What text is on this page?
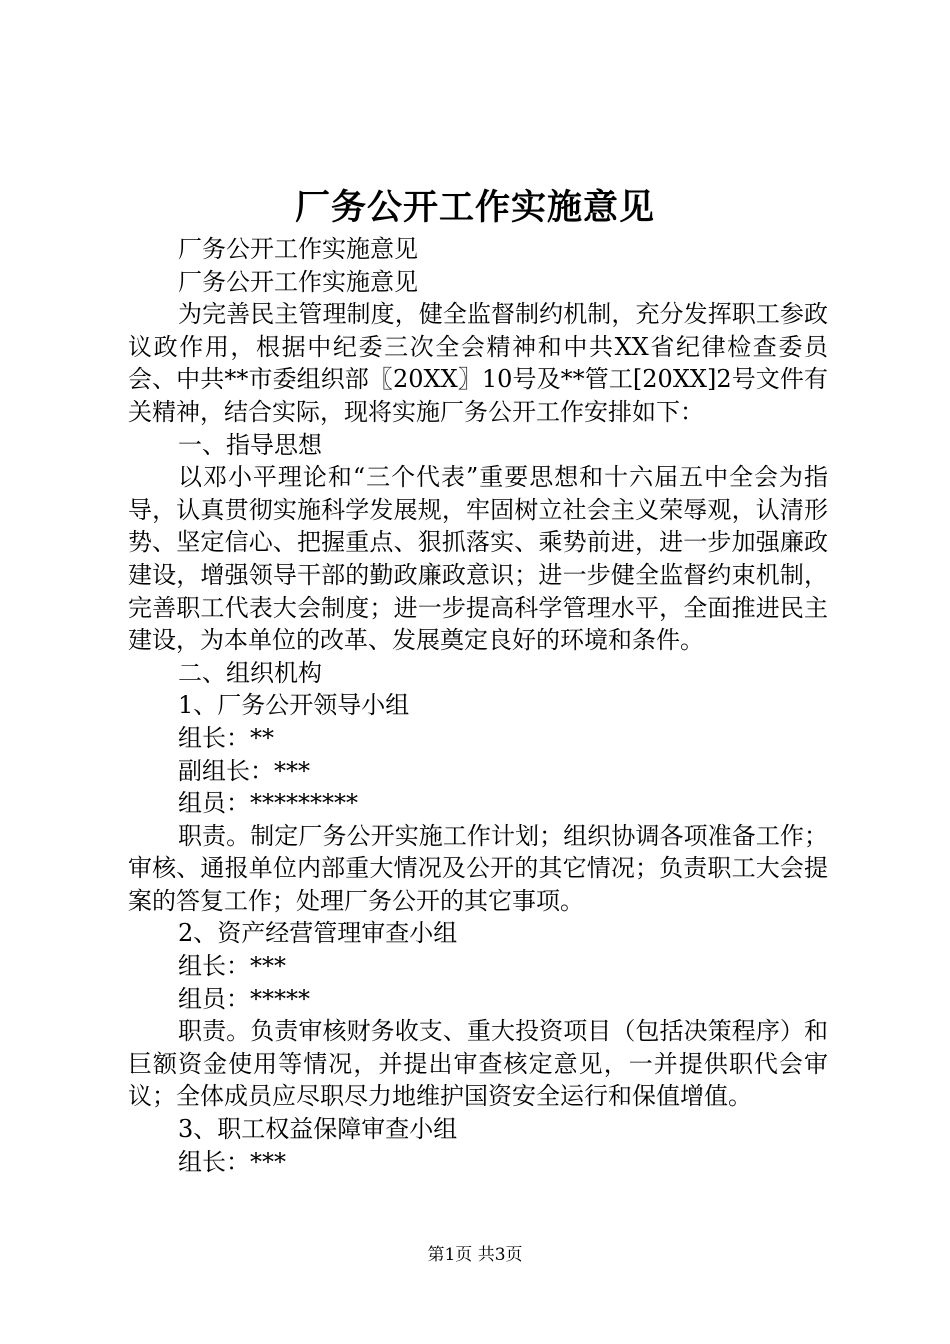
厂务公开工作实施意见

厂务公开工作实施意见

厂务公开工作实施意见

为完善民主管理制度，健全监督制约机制，充分发挥职工参政议政作用，根据中纪委三次全会精神和中共XX省纪律检查委员会、中共**市委组织部〖20XX〗10号及**管工[20XX]2号文件有关精神，结合实际，现将实施厂务公开工作安排如下：

一、指导思想

以邓小平理论和“三个代表”重要思想和十六届五中全会为指导，认真贯彻实施科学发展规，牢固树立社会主义荣辱观，认清形势、坚定信心、把握重点、狠抓落实、乘势前进，进一步加强廉政建设，增强领导干部的勤政廉政意识；进一步健全监督约束机制，完善职工代表大会制度；进一步提高科学管理水平，全面推进民主建设，为本单位的改革、发展奠定良好的环境和条件。

二、组织机构

1、厂务公开领导小组

组长：**

副组长：***

组员：*********

职责。制定厂务公开实施工作计划；组织协调各项准备工作；审核、通报单位内部重大情况及公开的其它情况；负责职工大会提案的答复工作；处理厂务公开的其它事项。

2、资产经营管理审查小组

组长：***

组员：*****

职责。负责审核财务收支、重大投资项目（包括决策程序）和巨额资金使用等情况，并提出审查核定意见，一并提供职代会审议；全体成员应尽职尽力地维护国资安全运行和保值增值。

3、职工权益保障审查小组

组长：***

第1页 共3页
